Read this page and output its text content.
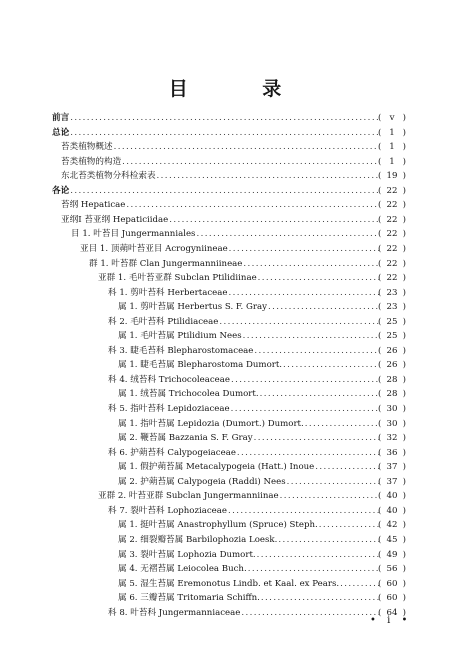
目 录
前言 .....	( v )
总论 .....	( 1 )
苔类植物概述 .....	( 1 )
苔类植物的构造 .....	( 1 )
东北苔类植物分科检索表 .....	( 19 )
各论 .....	( 22 )
苔纲 Hepaticae .....	( 22 )
亚纲Ⅰ 苔亚纲 Hepaticiidae .....	( 22 )
目 1. 叶苔目 Jungermanniales .....	( 22 )
亚目 1. 顶蒴叶苔亚目 Acrogyniineae .....	( 22 )
群 1. 叶苔群 Clan Jungermanniineae .....	( 22 )
亚群 1. 毛叶苔亚群 Subclan Ptilidiinae .....	( 22 )
科 1. 剪叶苔科 Herbertaceae .....	( 23 )
属 1. 剪叶苔属 Herbertus S. F. Gray .....	( 23 )
科 2. 毛叶苔科 Ptilidiaceae .....	( 25 )
属 1. 毛叶苔属 Ptilidium Nees .....	( 25 )
科 3. 睫毛苔科 Blepharostomaceae .....	( 26 )
属 1. 睫毛苔属 Blepharostoma Dumort. .....	( 26 )
科 4. 绒苔科 Trichocoleaceae .....	( 28 )
属 1. 绒苔属 Trichocolea Dumort. .....	( 28 )
科 5. 指叶苔科 Lepidoziaceae .....	( 30 )
属 1. 指叶苔属 Lepidozia (Dumort.) Dumort. .....	( 30 )
属 2. 鞭苔属 Bazzania S. F. Gray .....	( 32 )
科 6. 护蒴苔科 Calypogeiaceae .....	( 36 )
属 1. 假护蒴苔属 Metacalypogeia (Hatt.) Inoue .....	( 37 )
属 2. 护蒴苔属 Calypogeia (Raddi) Nees .....	( 37 )
亚群 2. 叶苔亚群 Subclan Jungermanniinae .....	( 40 )
科 7. 裂叶苔科 Lophoziaceae .....	( 40 )
属 1. 挺叶苔属 Anastrophyllum (Spruce) Steph. .....	( 42 )
属 2. 细裂瓣苔属 Barbilophozia Loesk. .....	( 45 )
属 3. 裂叶苔属 Lophozia Dumort. .....	( 49 )
属 4. 无褶苔属 Leiocolea Buch. .....	( 56 )
属 5. 湿生苔属 Eremonotus Lindb. et Kaal. ex Pears. .....	( 60 )
属 6. 三瓣苔属 Tritomaria Schiffn. .....	( 60 )
科 8. 叶苔科 Jungermanniaceae .....	( 64 )
• i •
